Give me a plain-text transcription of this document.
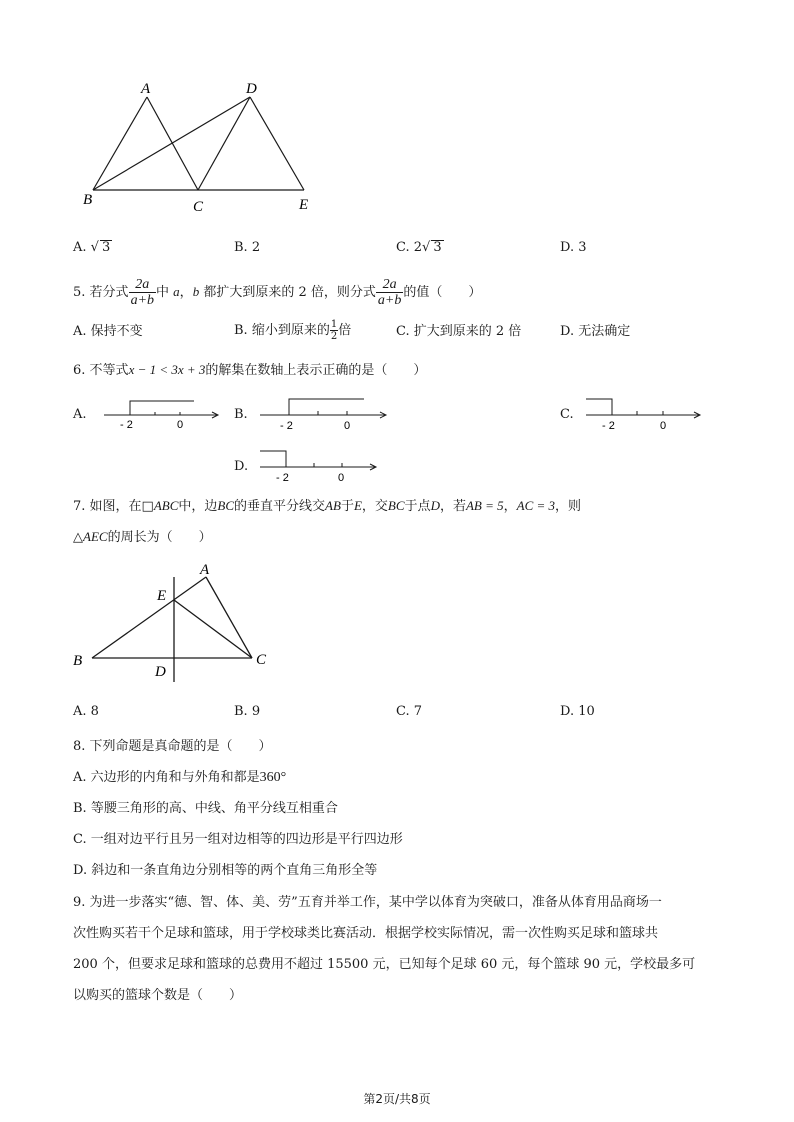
A	D
B	C	E
A. √ 3	B. 2	C. 2√ 3	D. 3
5. 若分式 $\frac{2a}{a+b}$ 中 a，b 都扩大到原来的 2 倍，则分式 $\frac{2a}{a+b}$ 的值（　　）
A. 保持不变	B. 缩小到原来的 $\frac{1}{2}$ 倍	C. 扩大到原来的 2 倍	D. 无法确定
6. 不等式x − 1 < 3x + 3的解集在数轴上表示正确的是（　　）
A.
- 2	0
B.
- 2	0
C.
- 2	0
D.
- 2	0
7. 如图，在□ABC中，边BC的垂直平分线交AB于E，交BC于点D，若AB = 5，AC = 3，则
△AEC的周长为（　　）
A
E
B	C
D
A. 8	B. 9	C. 7	D. 10
8. 下列命题是真命题的是（　　）
A. 六边形的内角和与外角和都是360°
B. 等腰三角形的高、中线、角平分线互相重合
C. 一组对边平行且另一组对边相等的四边形是平行四边形
D. 斜边和一条直角边分别相等的两个直角三角形全等
9. 为进一步落实“德、智、体、美、劳”五育并举工作，某中学以体育为突破口，准备从体育用品商场一
次性购买若干个足球和篮球，用于学校球类比赛活动．根据学校实际情况，需一次性购买足球和篮球共
200 个，但要求足球和篮球的总费用不超过 15500 元，已知每个足球 60 元，每个篮球 90 元，学校最多可
以购买的篮球个数是（　　）
第2页/共8页
